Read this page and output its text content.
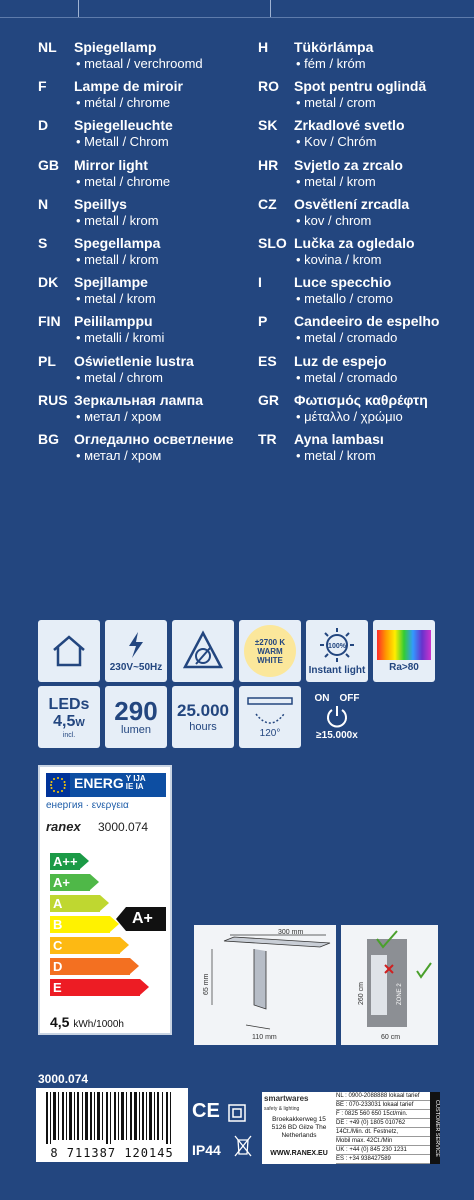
NL Spiegellamp
• metaal / verchroomd
F Lampe de miroir
• métal / chrome
D Spiegelleuchte
• Metall / Chrom
GB Mirror light
• metal / chrome
N Speillys
• metall / krom
S Spegellampa
• metall / krom
DK Spejllampe
• metal / krom
FIN Peililamppu
• metalli / kromi
PL Oświetlenie lustra
• metal / chrom
RUS Зеркальная лампа
• метал / хром
BG Огледално осветление
• метал / хром
H Tükörlámpa
• fém / króm
RO Spot pentru oglindă
• metal / crom
SK Zrkadlové svetlo
• Kov / Chróm
HR Svjetlo za zrcalo
• metal / krom
CZ Osvětlení zrcadla
• kov / chrom
SLO Lučka za ogledalo
• kovina / krom
I Luce specchio
• metallo / cromo
P Candeeiro de espelho
• metal / cromado
ES Luz de espejo
• metal / cromado
GR Φωτισμός καθρέφτη
• μέταλλο / χρώμιο
TR Ayna lambası
• metal / krom
230V~50Hz
±2700 K
WARM
WHITE
100%
Instant light Ra>80
LEDs
4,5W
incl.
290
lumen
25.000
hours
120°
ON OFF
≥15.000x
ENERG Y IJA
IE IA
енергия · ενεργεια
ranex 3000.074
A++
A+
A
B
C
D
E
A+
4,5 kWh/1000h
300 mm
65 mm
110 mm
260 cm	ZONE 2
60 cm
3000.074
8 711387 120145
CE
IP44
smartwares
safety & lighting
Broekakkerweg 15 5126 BD Gilze The Netherlands
WWW.RANEX.EU
NL : 0900-2088888 lokaal tarief
BE : 070-233031 lokaal tarief
F : 0825 560 650 15ct/min.
DE : +49 (0) 1805 010762
14Ct./Min. dt. Festnetz,
Mobil max. 42Ct./Min
UK : +44 (0) 845 230 1231
ES : +34 938427589
CUSTOMER SERVICE
